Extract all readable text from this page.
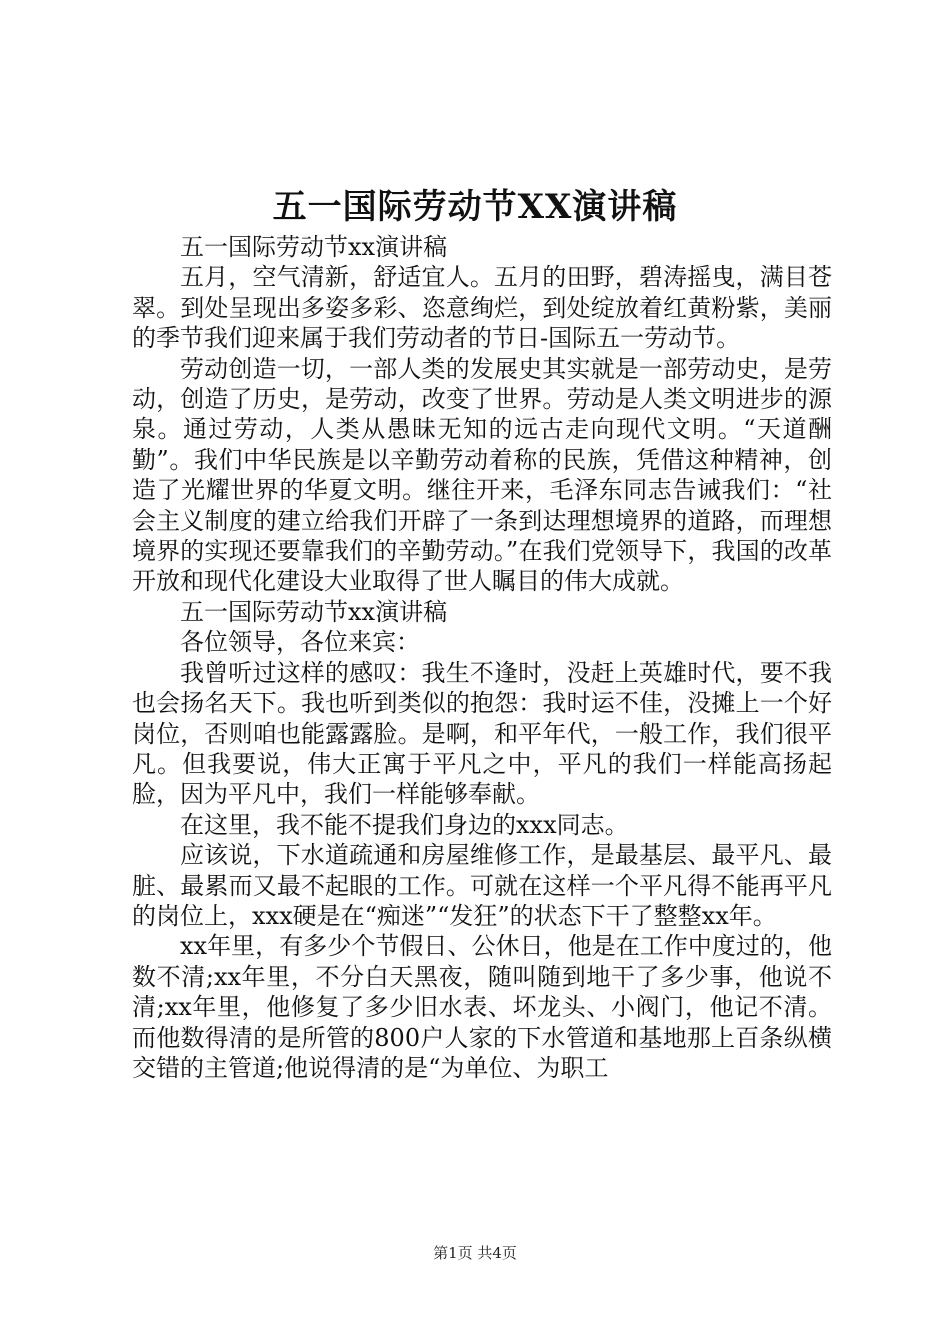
五一国际劳动节XX演讲稿

五一国际劳动节xx演讲稿

五月，空气清新，舒适宜人。五月的田野，碧涛摇曳，满目苍翠。到处呈现出多姿多彩、恣意绚烂，到处绽放着红黄粉紫，美丽的季节我们迎来属于我们劳动者的节日-国际五一劳动节。

劳动创造一切，一部人类的发展史其实就是一部劳动史，是劳动，创造了历史，是劳动，改变了世界。劳动是人类文明进步的源泉。通过劳动，人类从愚昧无知的远古走向现代文明。“天道酬勤”。我们中华民族是以辛勤劳动着称的民族，凭借这种精神，创造了光耀世界的华夏文明。继往开来，毛泽东同志告诫我们：“社会主义制度的建立给我们开辟了一条到达理想境界的道路，而理想境界的实现还要靠我们的辛勤劳动。”在我们党领导下，我国的改革开放和现代化建设大业取得了世人瞩目的伟大成就。

五一国际劳动节xx演讲稿

各位领导，各位来宾：

我曾听过这样的感叹：我生不逢时，没赶上英雄时代，要不我也会扬名天下。我也听到类似的抱怨：我时运不佳，没摊上一个好岗位，否则咱也能露露脸。是啊，和平年代，一般工作，我们很平凡。但我要说，伟大正寓于平凡之中，平凡的我们一样能高扬起脸，因为平凡中，我们一样能够奉献。

在这里，我不能不提我们身边的xxx同志。

应该说，下水道疏通和房屋维修工作，是最基层、最平凡、最脏、最累而又最不起眼的工作。可就在这样一个平凡得不能再平凡的岗位上，xxx硬是在“痴迷”“发狂”的状态下干了整整xx年。

xx年里，有多少个节假日、公休日，他是在工作中度过的，他数不清;xx年里，不分白天黑夜，随叫随到地干了多少事，他说不清;xx年里，他修复了多少旧水表、坏龙头、小阀门，他记不清。而他数得清的是所管的800户人家的下水管道和基地那上百条纵横交错的主管道;他说得清的是“为单位、为职工

第1页 共4页
